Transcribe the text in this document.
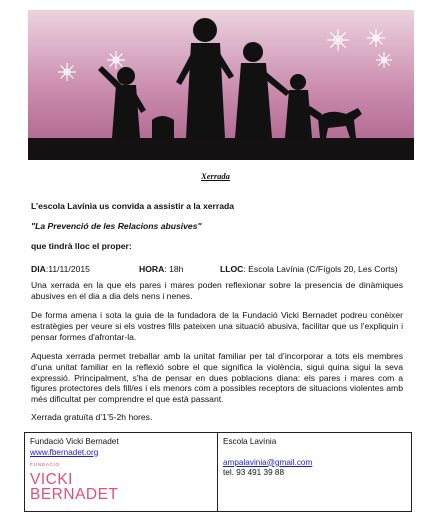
Xerrada
L’escola Lavínia us convida a assistir a la xerrada
"La Prevenció de les Relacions abusives"
que tindrà lloc el proper:
DIA:11/11/2015	HORA: 18h	LLOC: Escola Lavínia (C/Fígols 20, Les Corts)
Una xerrada en la que els pares i mares poden reflexionar sobre la presencia de dinàmiques abusives en el dia a dia dels nens i nenes.
De forma amena i sota la guia de la fundadora de la Fundació Vicki Bernadet podreu conèixer estratègies per veure si els vostres fills pateixen una situació abusiva, facilitar que us l'expliquin i pensar formes d'afrontar-la.
Aquesta xerrada permet treballar amb la unitat familiar per tal d’incorporar a tots els membres d’una unitat familiar en la reflexió sobre el que significa la violència, sigui quina sigui la seva expressió. Principalment, s'ha de pensar en dues poblacions diana: els pares i mares com a figures protectores dels fill/es i els menors com a possibles receptors de situacions violentes amb més dificultat per comprendre el que està passant.
Xerrada gratuïta d’1’5-2h hores.
Fundació Vicki Bernadet
www.fbernadet.org
FUNDACIÓ
VICKI
BERNADET
Escola Lavínia
ampalavinia@gmail.com
tel. 93 491 39 88
